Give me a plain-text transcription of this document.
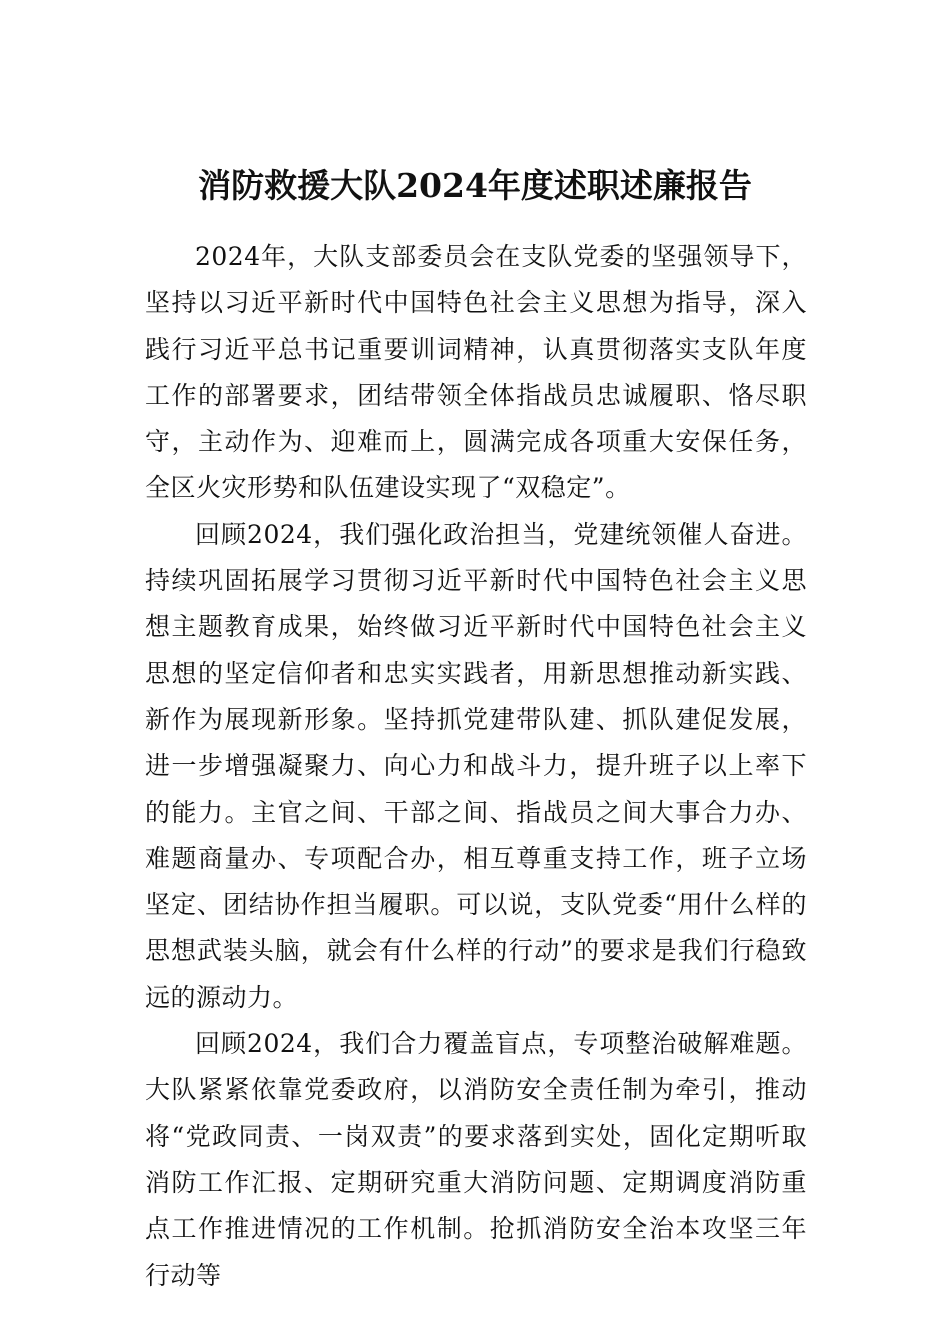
消防救援大队2024年度述职述廉报告

2024年，大队支部委员会在支队党委的坚强领导下，坚持以习近平新时代中国特色社会主义思想为指导，深入践行习近平总书记重要训词精神，认真贯彻落实支队年度工作的部署要求，团结带领全体指战员忠诚履职、恪尽职守，主动作为、迎难而上，圆满完成各项重大安保任务，全区火灾形势和队伍建设实现了“双稳定”。

回顾2024，我们强化政治担当，党建统领催人奋进。持续巩固拓展学习贯彻习近平新时代中国特色社会主义思想主题教育成果，始终做习近平新时代中国特色社会主义思想的坚定信仰者和忠实实践者，用新思想推动新实践、新作为展现新形象。坚持抓党建带队建、抓队建促发展，进一步增强凝聚力、向心力和战斗力，提升班子以上率下的能力。主官之间、干部之间、指战员之间大事合力办、难题商量办、专项配合办，相互尊重支持工作，班子立场坚定、团结协作担当履职。可以说，支队党委“用什么样的思想武装头脑，就会有什么样的行动”的要求是我们行稳致远的源动力。

回顾2024，我们合力覆盖盲点，专项整治破解难题。大队紧紧依靠党委政府，以消防安全责任制为牵引，推动将“党政同责、一岗双责”的要求落到实处，固化定期听取消防工作汇报、定期研究重大消防问题、定期调度消防重点工作推进情况的工作机制。抢抓消防安全治本攻坚三年行动等
